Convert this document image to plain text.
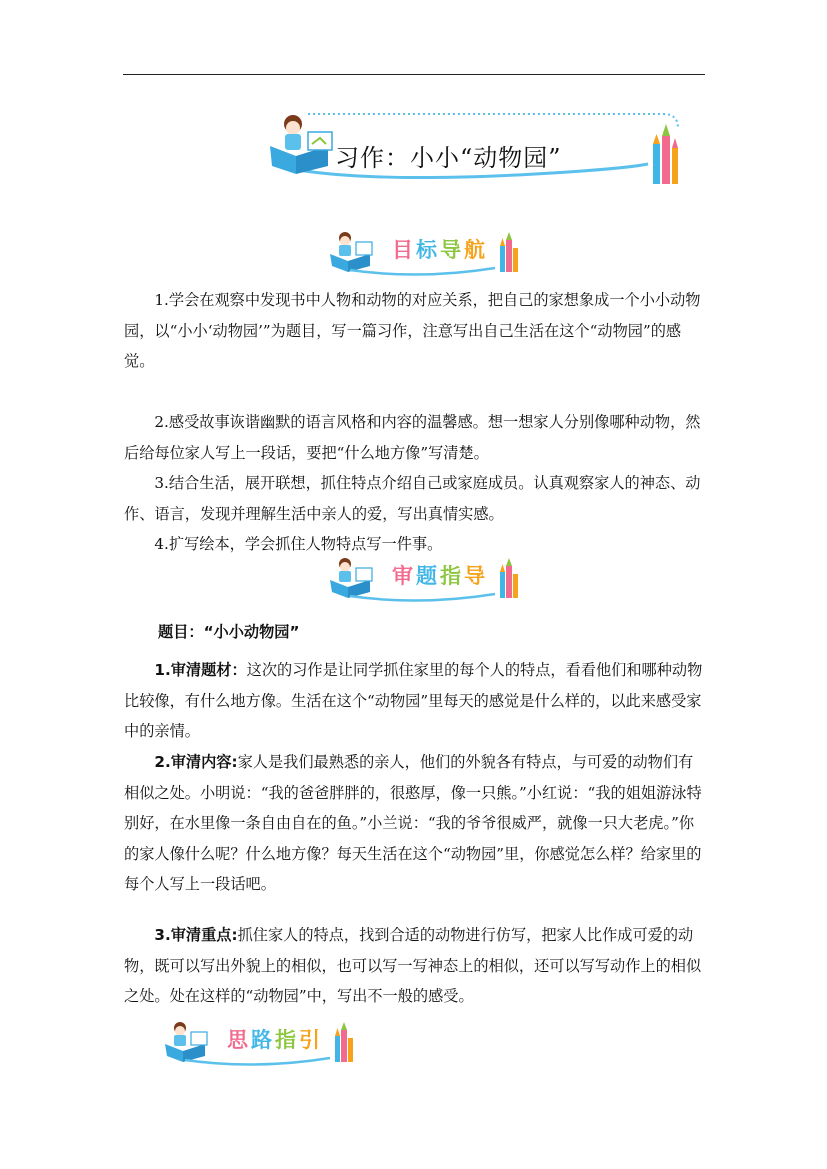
习作：小小“动物园”
目标导航

1.学会在观察中发现书中人物和动物的对应关系，把自己的家想象成一个小小动物园，以“小小‘动物园’”为题目，写一篇习作，注意写出自己生活在这个“动物园”的感觉。

2.感受故事诙谐幽默的语言风格和内容的温馨感。想一想家人分别像哪种动物，然后给每位家人写上一段话，要把“什么地方像”写清楚。

3.结合生活，展开联想，抓住特点介绍自己或家庭成员。认真观察家人的神态、动作、语言，发现并理解生活中亲人的爱，写出真情实感。

4.扩写绘本，学会抓住人物特点写一件事。

审题指导
题目：“小小动物园”

1.审清题材：这次的习作是让同学抓住家里的每个人的特点，看看他们和哪种动物比较像，有什么地方像。生活在这个“动物园”里每天的感觉是什么样的，以此来感受家中的亲情。

2.审清内容:家人是我们最熟悉的亲人，他们的外貌各有特点，与可爱的动物们有相似之处。小明说：“我的爸爸胖胖的，很憨厚，像一只熊。”小红说：“我的姐姐游泳特别好，在水里像一条自由自在的鱼。”小兰说：“我的爷爷很威严，就像一只大老虎。”你的家人像什么呢？什么地方像？每天生活在这个“动物园”里，你感觉怎么样？给家里的每个人写上一段话吧。

3.审清重点:抓住家人的特点，找到合适的动物进行仿写，把家人比作成可爱的动物，既可以写出外貌上的相似，也可以写一写神态上的相似，还可以写写动作上的相似之处。处在这样的“动物园”中，写出不一般的感受。

思路指引
